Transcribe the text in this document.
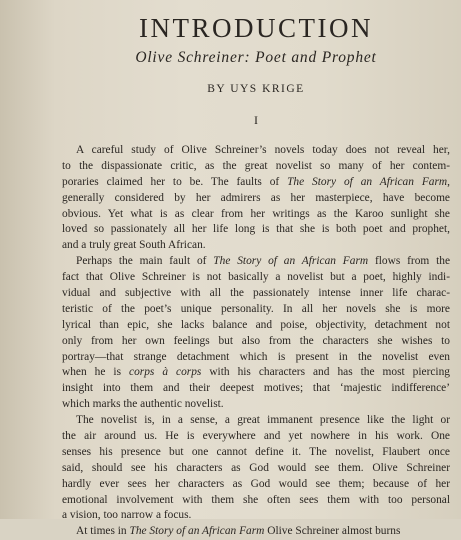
INTRODUCTION
Olive Schreiner: Poet and Prophet
BY UYS KRIGE
I
A careful study of Olive Schreiner’s novels today does not reveal her,
to the dispassionate critic, as the great novelist so many of her contem-
poraries claimed her to be. The faults of The Story of an African Farm,
generally considered by her admirers as her masterpiece, have become
obvious. Yet what is as clear from her writings as the Karoo sunlight she
loved so passionately all her life long is that she is both poet and prophet,
and a truly great South African.
Perhaps the main fault of The Story of an African Farm flows from the
fact that Olive Schreiner is not basically a novelist but a poet, highly indi-
vidual and subjective with all the passionately intense inner life charac-
teristic of the poet’s unique personality. In all her novels she is more
lyrical than epic, she lacks balance and poise, objectivity, detachment not
only from her own feelings but also from the characters she wishes to
portray—that strange detachment which is present in the novelist even
when he is corps à corps with his characters and has the most piercing
insight into them and their deepest motives; that ‘majestic indifference’
which marks the authentic novelist.
The novelist is, in a sense, a great immanent presence like the light or
the air around us. He is everywhere and yet nowhere in his work. One
senses his presence but one cannot define it. The novelist, Flaubert once
said, should see his characters as God would see them. Olive Schreiner
hardly ever sees her characters as God would see them; because of her
emotional involvement with them she often sees them with too personal
a vision, too narrow a focus.
At times in The Story of an African Farm Olive Schreiner almost burns
